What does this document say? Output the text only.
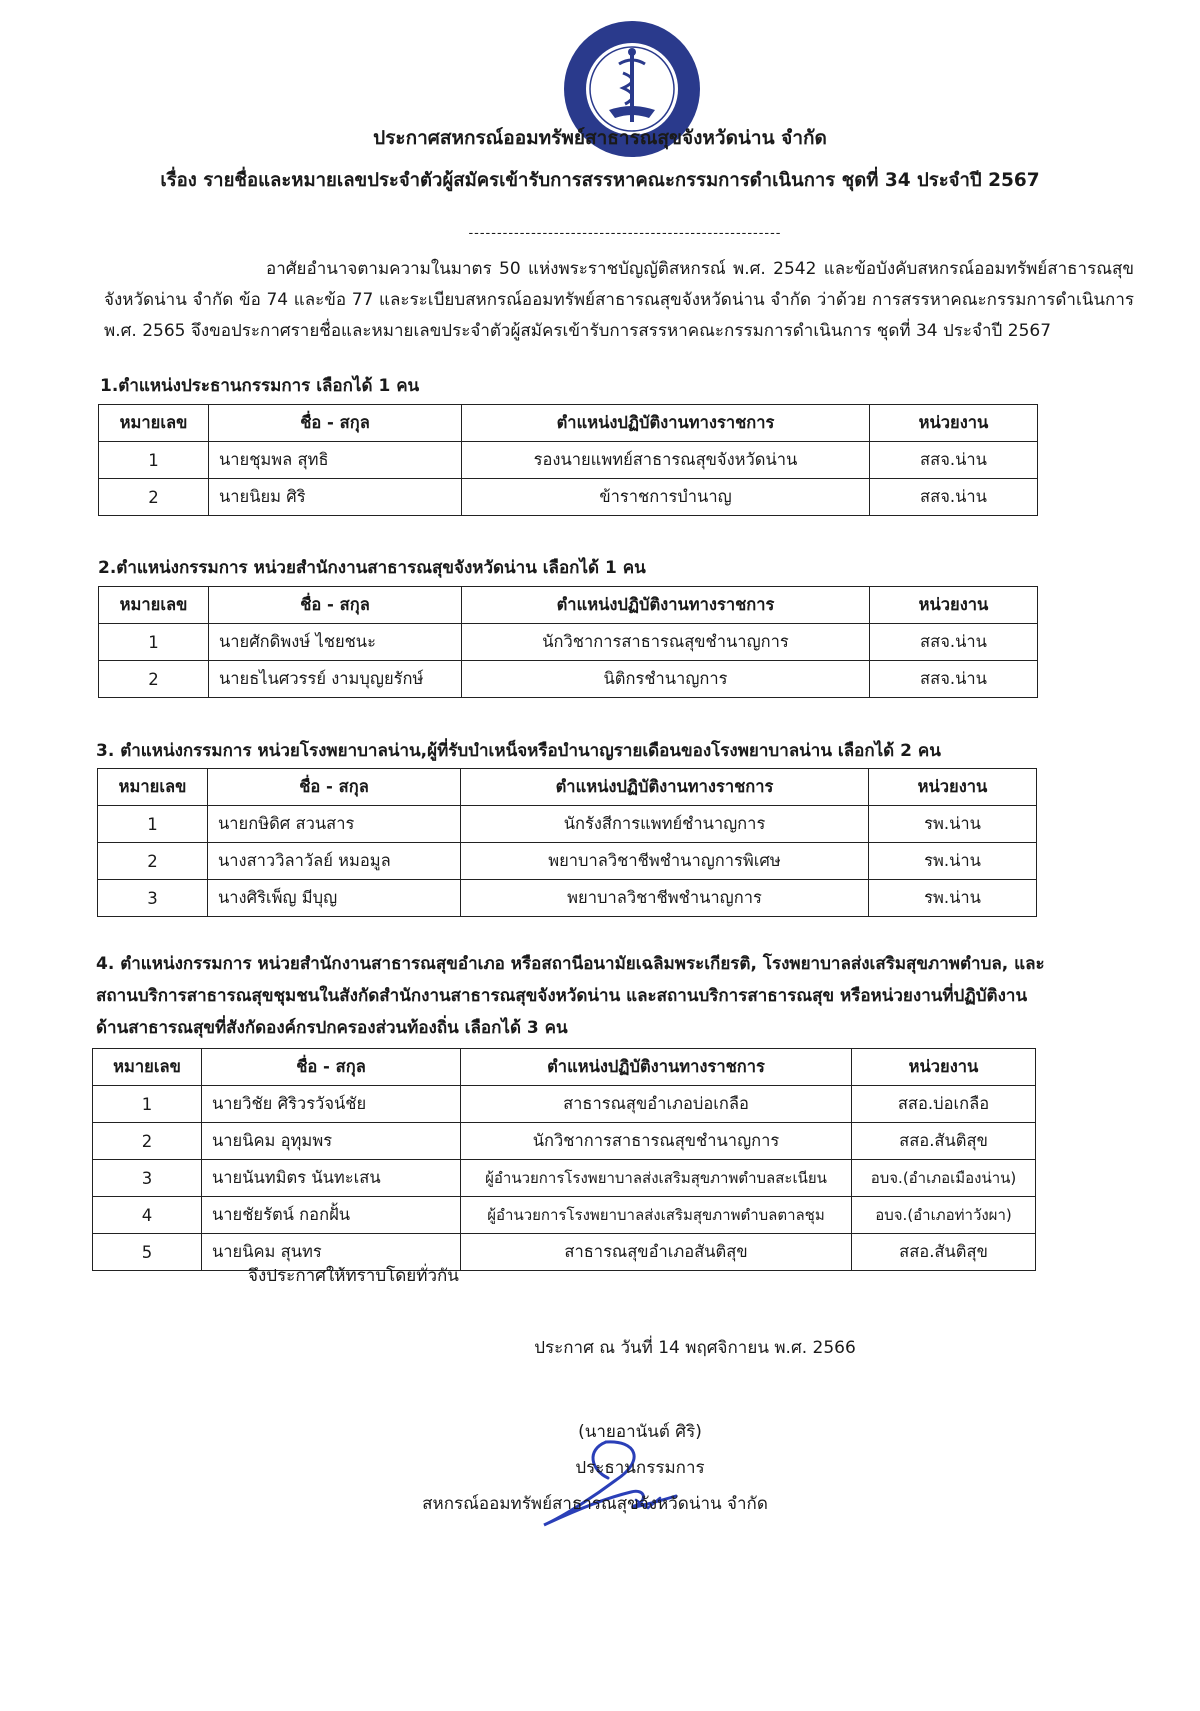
ประกาศสหกรณ์ออมทรัพย์สาธารณสุขจังหวัดน่าน จำกัด
เรื่อง รายชื่อและหมายเลขประจำตัวผู้สมัครเข้ารับการสรรหาคณะกรรมการดำเนินการ ชุดที่ 34 ประจำปี 2567
-------------------------------------------------------
อาศัยอำนาจตามความในมาตร 50 แห่งพระราชบัญญัติสหกรณ์ พ.ศ. 2542 และข้อบังคับสหกรณ์ออมทรัพย์สาธารณสุขจังหวัดน่าน จำกัด ข้อ 74 และข้อ 77 และระเบียบสหกรณ์ออมทรัพย์สาธารณสุขจังหวัดน่าน จำกัด ว่าด้วย การสรรหาคณะกรรมการดำเนินการ พ.ศ. 2565 จึงขอประกาศรายชื่อและหมายเลขประจำตัวผู้สมัครเข้ารับการสรรหาคณะกรรมการดำเนินการ ชุดที่ 34 ประจำปี 2567
1.ตำแหน่งประธานกรรมการ เลือกได้ 1 คน
หมายเลข	ชื่อ - สกุล	ตำแหน่งปฏิบัติงานทางราชการ	หน่วยงาน
1	นายชุมพล สุทธิ	รองนายแพทย์สาธารณสุขจังหวัดน่าน	สสจ.น่าน
2	นายนิยม ศิริ	ข้าราชการบำนาญ	สสจ.น่าน
2.ตำแหน่งกรรมการ หน่วยสำนักงานสาธารณสุขจังหวัดน่าน เลือกได้ 1 คน
หมายเลข	ชื่อ - สกุล	ตำแหน่งปฏิบัติงานทางราชการ	หน่วยงาน
1	นายศักดิพงษ์ ไชยชนะ	นักวิชาการสาธารณสุขชำนาญการ	สสจ.น่าน
2	นายธไนศวรรย์ งามบุญยรักษ์	นิติกรชำนาญการ	สสจ.น่าน
3. ตำแหน่งกรรมการ หน่วยโรงพยาบาลน่าน,ผู้ที่รับบำเหน็จหรือบำนาญรายเดือนของโรงพยาบาลน่าน เลือกได้ 2 คน
หมายเลข	ชื่อ - สกุล	ตำแหน่งปฏิบัติงานทางราชการ	หน่วยงาน
1	นายกษิดิศ สวนสาร	นักรังสีการแพทย์ชำนาญการ	รพ.น่าน
2	นางสาววิลาวัลย์ หมอมูล	พยาบาลวิชาชีพชำนาญการพิเศษ	รพ.น่าน
3	นางศิริเพ็ญ มีบุญ	พยาบาลวิชาชีพชำนาญการ	รพ.น่าน
4. ตำแหน่งกรรมการ หน่วยสำนักงานสาธารณสุขอำเภอ หรือสถานีอนามัยเฉลิมพระเกียรติ, โรงพยาบาลส่งเสริมสุขภาพตำบล, และ
สถานบริการสาธารณสุขชุมชนในสังกัดสำนักงานสาธารณสุขจังหวัดน่าน และสถานบริการสาธารณสุข หรือหน่วยงานที่ปฏิบัติงาน
ด้านสาธารณสุขที่สังกัดองค์กรปกครองส่วนท้องถิ่น เลือกได้ 3 คน
หมายเลข	ชื่อ - สกุล	ตำแหน่งปฏิบัติงานทางราชการ	หน่วยงาน
1	นายวิชัย ศิริวรวัจน์ชัย	สาธารณสุขอำเภอบ่อเกลือ	สสอ.บ่อเกลือ
2	นายนิคม อุทุมพร	นักวิชาการสาธารณสุขชำนาญการ	สสอ.สันติสุข
3	นายนันทมิตร นันทะเสน	ผู้อำนวยการโรงพยาบาลส่งเสริมสุขภาพตำบลสะเนียน	อบจ.(อำเภอเมืองน่าน)
4	นายชัยรัตน์ กอกฝั้น	ผู้อำนวยการโรงพยาบาลส่งเสริมสุขภาพตำบลตาลชุม	อบจ.(อำเภอท่าวังผา)
5	นายนิคม สุนทร	สาธารณสุขอำเภอสันติสุข	สสอ.สันติสุข
จึงประกาศให้ทราบโดยทั่วกัน
ประกาศ ณ วันที่ 14 พฤศจิกายน พ.ศ. 2566
(นายอานันต์ ศิริ)
ประธานกรรมการ
สหกรณ์ออมทรัพย์สาธารณสุขจังหวัดน่าน จำกัด
